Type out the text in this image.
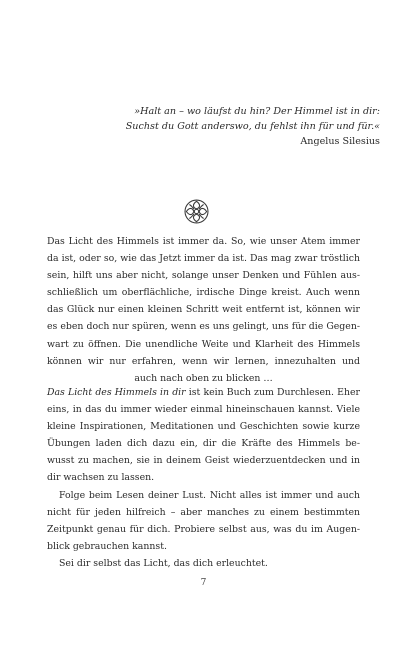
»Halt an – wo läufst du hin? Der Himmel ist in dir:
Suchst du Gott anderswo, du fehlst ihn für und für.«
Angelus Silesius
Das Licht des Himmels ist immer da. So, wie unser Atem immer
da ist, oder so, wie das Jetzt immer da ist. Das mag zwar tröstlich
sein, hilft uns aber nicht, solange unser Denken und Fühlen aus-
schließlich um oberflächliche, irdische Dinge kreist. Auch wenn
das Glück nur einen kleinen Schritt weit entfernt ist, können wir
es eben doch nur spüren, wenn es uns gelingt, uns für die Gegen-
wart zu öffnen. Die unendliche Weite und Klarheit des Himmels
können wir nur erfahren, wenn wir lernen, innezuhalten und
auch nach oben zu blicken …
Das Licht des Himmels in dir ist kein Buch zum Durchlesen. Eher
eins, in das du immer wieder einmal hineinschauen kannst. Viele
kleine Inspirationen, Meditationen und Geschichten sowie kurze
Übungen laden dich dazu ein, dir die Kräfte des Himmels be-
wusst zu machen, sie in deinem Geist wiederzuentdecken und in
dir wachsen zu lassen.
Folge beim Lesen deiner Lust. Nicht alles ist immer und auch
nicht für jeden hilfreich – aber manches zu einem bestimmten
Zeitpunkt genau für dich. Probiere selbst aus, was du im Augen-
blick gebrauchen kannst.
Sei dir selbst das Licht, das dich erleuchtet.
7
